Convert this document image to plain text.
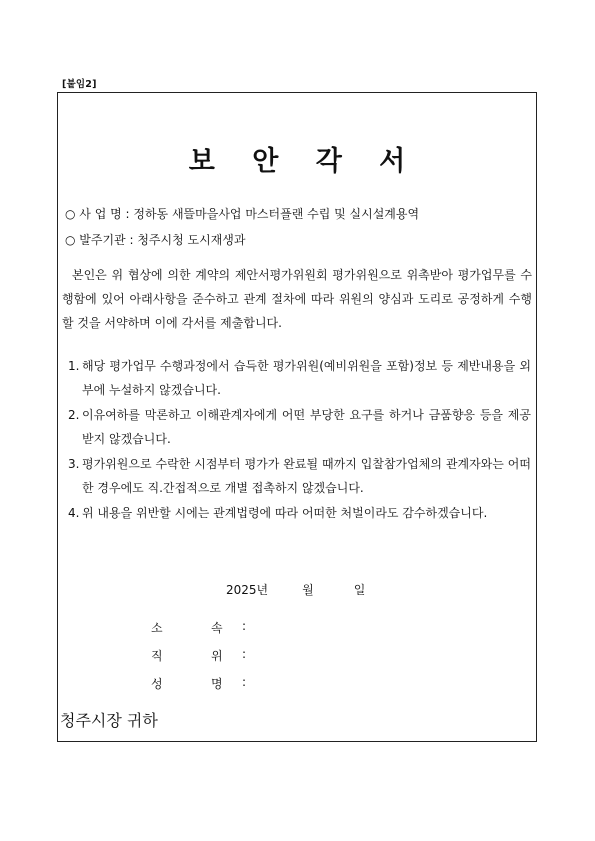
[붙임2]
보 안 각 서
○ 사 업 명 : 정하동 새뜰마을사업 마스터플랜 수립 및 실시설계용역
○ 발주기관 : 청주시청 도시재생과
본인은 위 협상에 의한 계약의 제안서평가위원회 평가위원으로 위촉받아 평가업무를 수행함에 있어 아래사항을 준수하고 관계 절차에 따라 위원의 양심과 도리로 공정하게 수행할 것을 서약하며 이에 각서를 제출합니다.
1. 해당 평가업무 수행과정에서 습득한 평가위원(예비위원을 포함)정보 등 제반내용을 외부에 누설하지 않겠습니다.
2. 이유여하를 막론하고 이해관계자에게 어떤 부당한 요구를 하거나 금품향응 등을 제공받지 않겠습니다.
3. 평가위원으로 수락한 시점부터 평가가 완료될 때까지 입찰참가업체의 관계자와는 어떠한 경우에도 직.간접적으로 개별 접촉하지 않겠습니다.
4. 위 내용을 위반할 시에는 관계법령에 따라 어떠한 처벌이라도 감수하겠습니다.
2025년	월	일
소	속	:
직	위	:
성	명	:
청주시장 귀하
